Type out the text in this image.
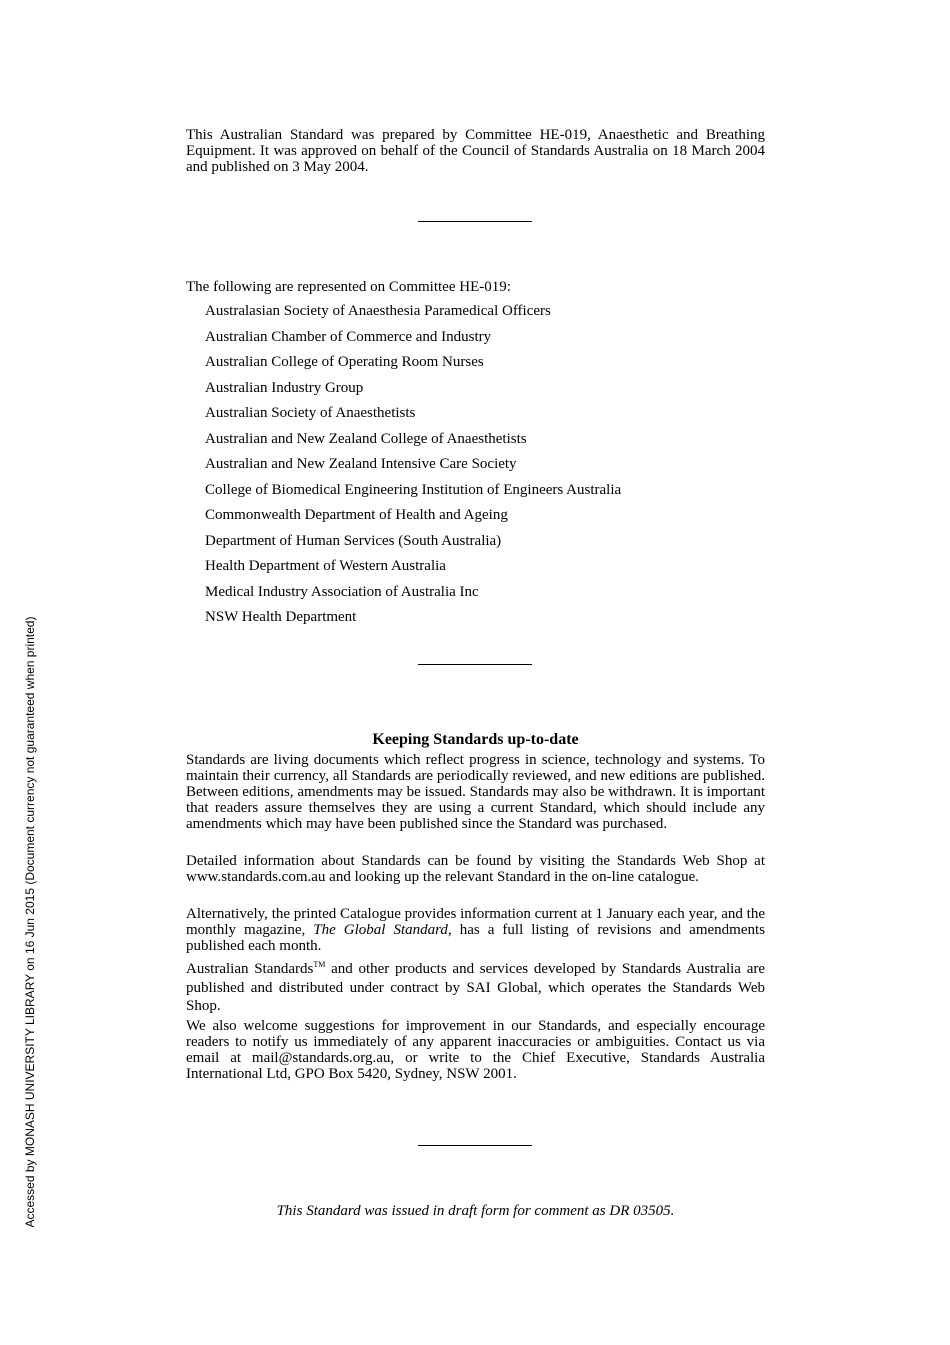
This Australian Standard was prepared by Committee HE-019, Anaesthetic and Breathing Equipment. It was approved on behalf of the Council of Standards Australia on 18 March 2004 and published on 3 May 2004.
The following are represented on Committee HE-019:
Australasian Society of Anaesthesia Paramedical Officers
Australian Chamber of Commerce and Industry
Australian College of Operating Room Nurses
Australian Industry Group
Australian Society of Anaesthetists
Australian and New Zealand College of Anaesthetists
Australian and New Zealand Intensive Care Society
College of Biomedical Engineering Institution of Engineers Australia
Commonwealth Department of Health and Ageing
Department of Human Services (South Australia)
Health Department of Western Australia
Medical Industry Association of Australia Inc
NSW Health Department
Keeping Standards up-to-date
Standards are living documents which reflect progress in science, technology and systems. To maintain their currency, all Standards are periodically reviewed, and new editions are published. Between editions, amendments may be issued. Standards may also be withdrawn. It is important that readers assure themselves they are using a current Standard, which should include any amendments which may have been published since the Standard was purchased.
Detailed information about Standards can be found by visiting the Standards Web Shop at www.standards.com.au and looking up the relevant Standard in the on-line catalogue.
Alternatively, the printed Catalogue provides information current at 1 January each year, and the monthly magazine, The Global Standard, has a full listing of revisions and amendments published each month.
Australian Standards™ and other products and services developed by Standards Australia are published and distributed under contract by SAI Global, which operates the Standards Web Shop.
We also welcome suggestions for improvement in our Standards, and especially encourage readers to notify us immediately of any apparent inaccuracies or ambiguities. Contact us via email at mail@standards.org.au, or write to the Chief Executive, Standards Australia International Ltd, GPO Box 5420, Sydney, NSW 2001.
This Standard was issued in draft form for comment as DR 03505.
Accessed by MONASH UNIVERSITY LIBRARY on 16 Jun 2015 (Document currency not guaranteed when printed)
